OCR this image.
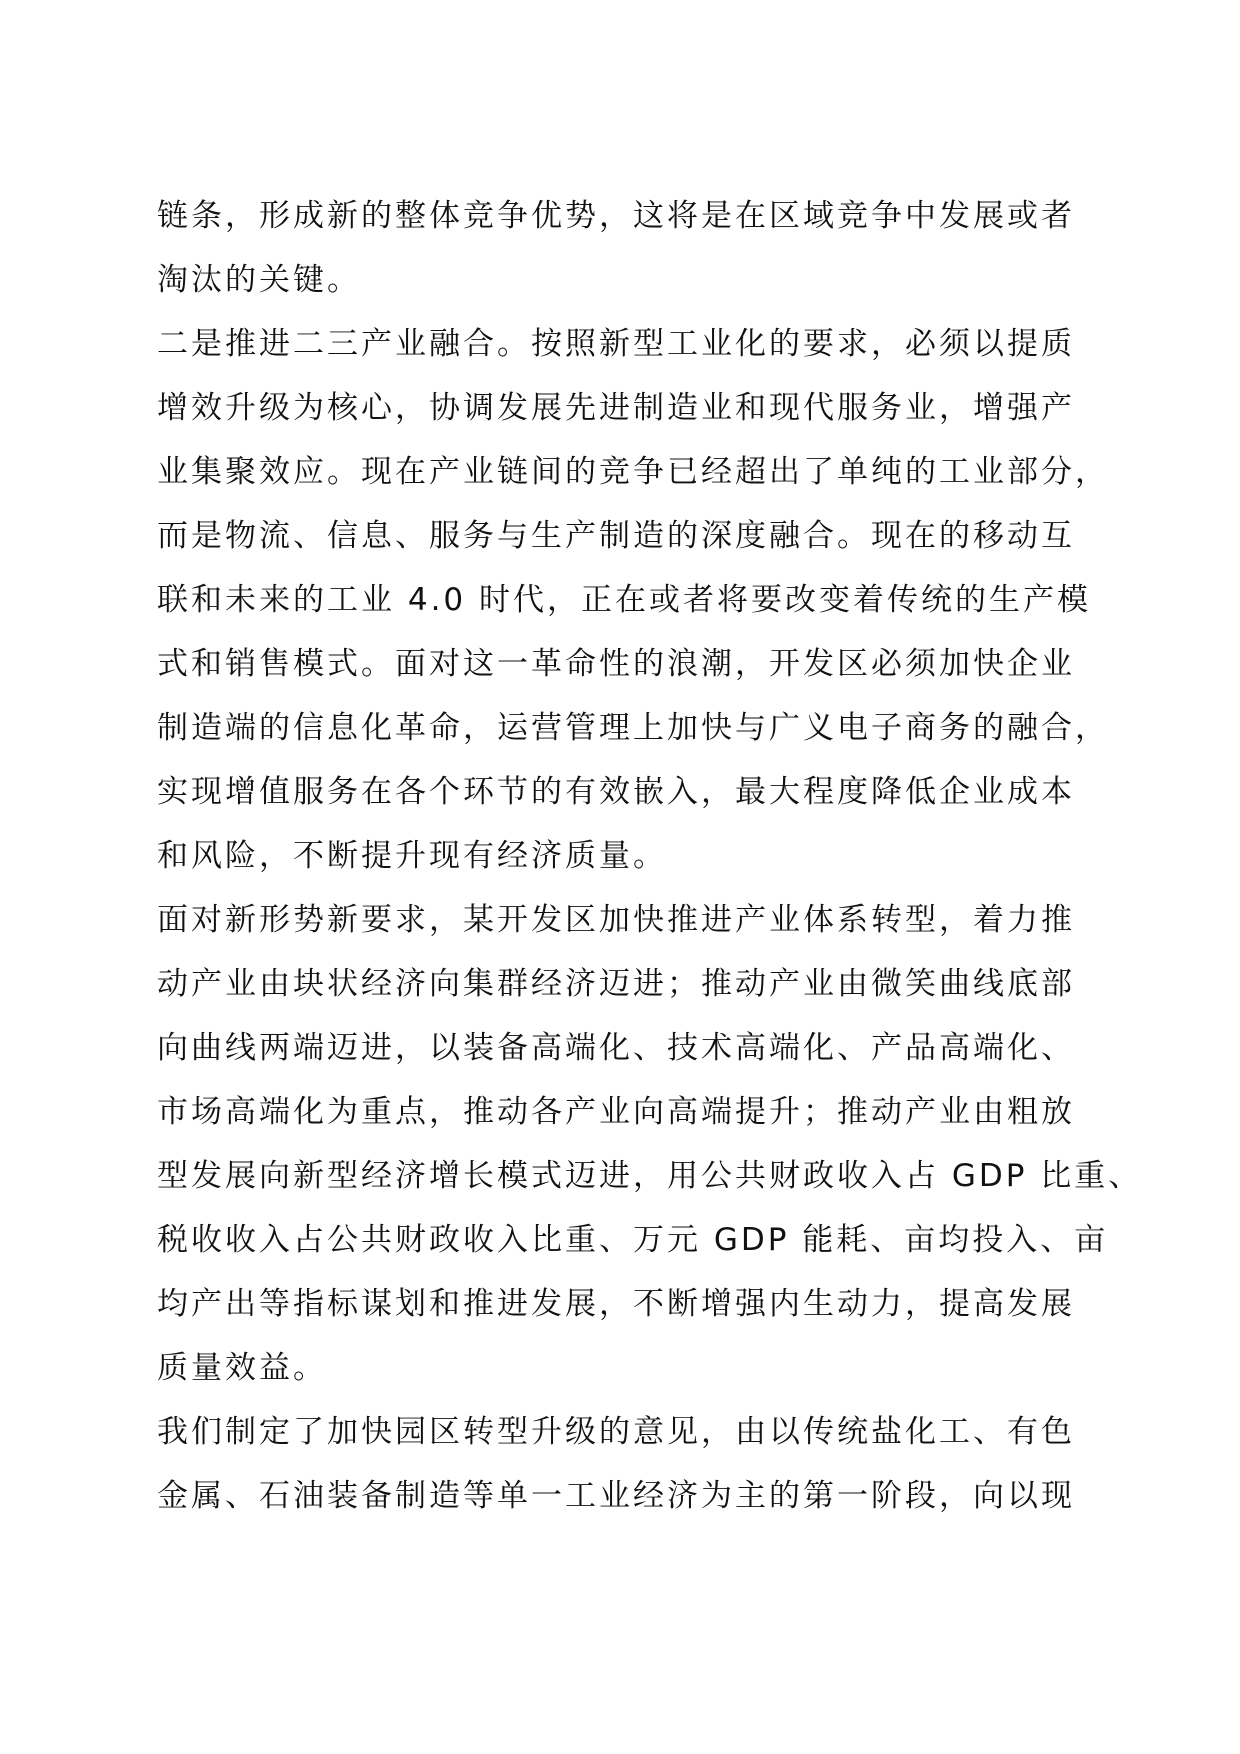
链条，形成新的整体竞争优势，这将是在区域竞争中发展或者

淘汰的关键。

二是推进二三产业融合。按照新型工业化的要求，必须以提质

增效升级为核心，协调发展先进制造业和现代服务业，增强产

业集聚效应。现在产业链间的竞争已经超出了单纯的工业部分，

而是物流、信息、服务与生产制造的深度融合。现在的移动互

联和未来的工业 4.0 时代，正在或者将要改变着传统的生产模

式和销售模式。面对这一革命性的浪潮，开发区必须加快企业

制造端的信息化革命，运营管理上加快与广义电子商务的融合，

实现增值服务在各个环节的有效嵌入，最大程度降低企业成本

和风险，不断提升现有经济质量。

面对新形势新要求，某开发区加快推进产业体系转型，着力推

动产业由块状经济向集群经济迈进；推动产业由微笑曲线底部

向曲线两端迈进，以装备高端化、技术高端化、产品高端化、

市场高端化为重点，推动各产业向高端提升；推动产业由粗放

型发展向新型经济增长模式迈进，用公共财政收入占 GDP 比重、

税收收入占公共财政收入比重、万元 GDP 能耗、亩均投入、亩

均产出等指标谋划和推进发展，不断增强内生动力，提高发展

质量效益。

我们制定了加快园区转型升级的意见，由以传统盐化工、有色

金属、石油装备制造等单一工业经济为主的第一阶段，向以现
